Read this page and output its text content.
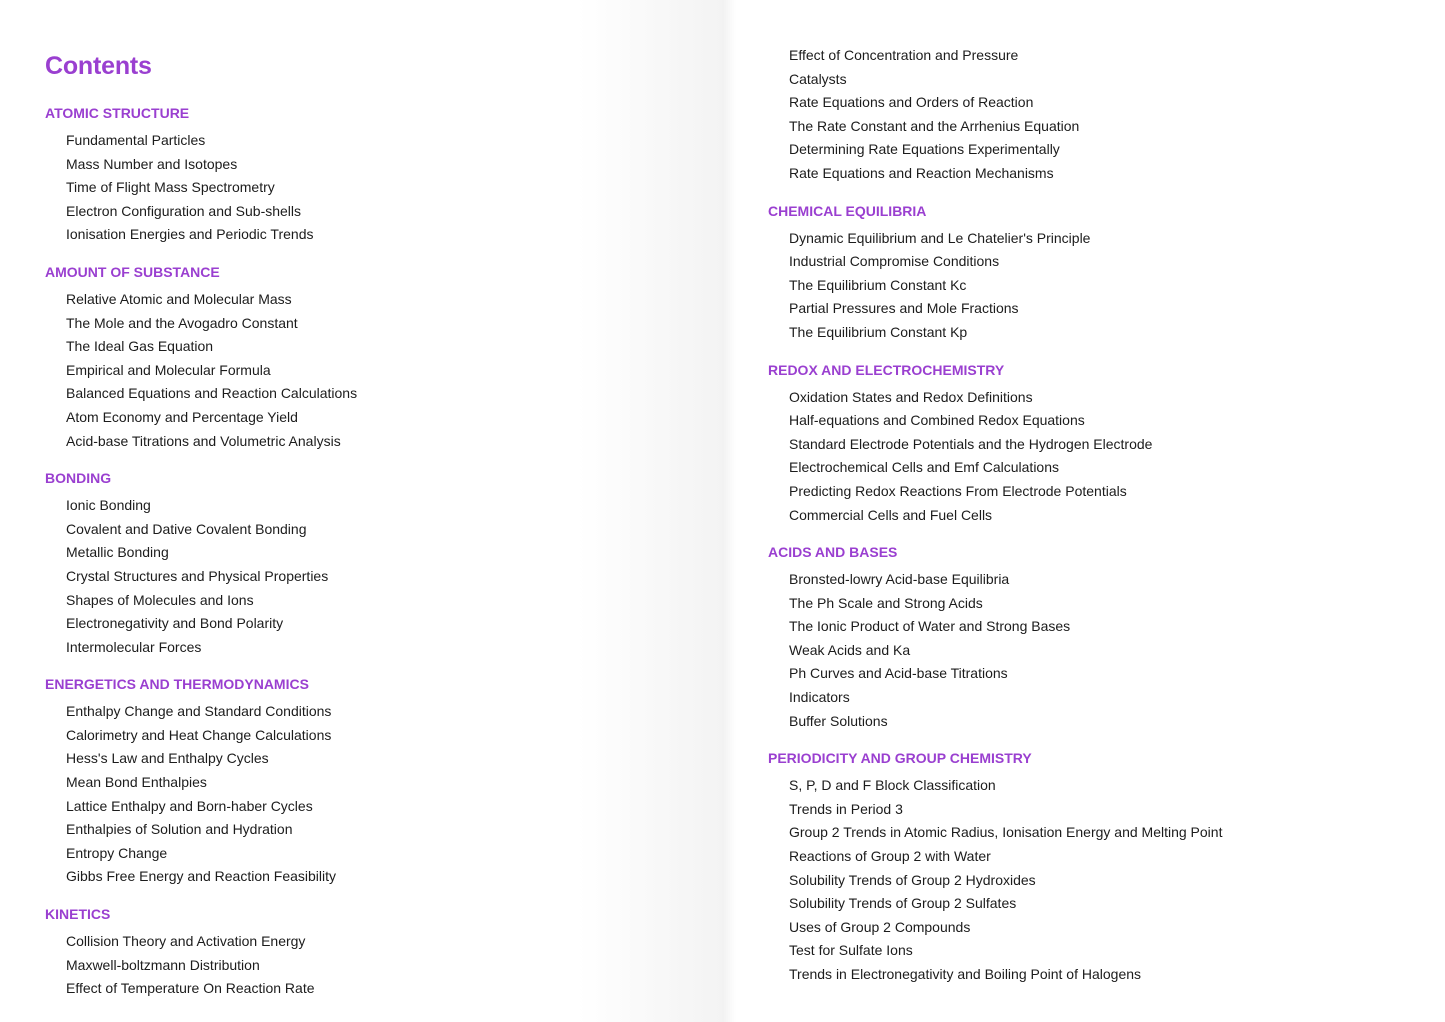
Contents
ATOMIC STRUCTURE
Fundamental Particles
Mass Number and Isotopes
Time of Flight Mass Spectrometry
Electron Configuration and Sub-shells
Ionisation Energies and Periodic Trends
AMOUNT OF SUBSTANCE
Relative Atomic and Molecular Mass
The Mole and the Avogadro Constant
The Ideal Gas Equation
Empirical and Molecular Formula
Balanced Equations and Reaction Calculations
Atom Economy and Percentage Yield
Acid-base Titrations and Volumetric Analysis
BONDING
Ionic Bonding
Covalent and Dative Covalent Bonding
Metallic Bonding
Crystal Structures and Physical Properties
Shapes of Molecules and Ions
Electronegativity and Bond Polarity
Intermolecular Forces
ENERGETICS AND THERMODYNAMICS
Enthalpy Change and Standard Conditions
Calorimetry and Heat Change Calculations
Hess's Law and Enthalpy Cycles
Mean Bond Enthalpies
Lattice Enthalpy and Born-haber Cycles
Enthalpies of Solution and Hydration
Entropy Change
Gibbs Free Energy and Reaction Feasibility
KINETICS
Collision Theory and Activation Energy
Maxwell-boltzmann Distribution
Effect of Temperature On Reaction Rate
Effect of Concentration and Pressure
Catalysts
Rate Equations and Orders of Reaction
The Rate Constant and the Arrhenius Equation
Determining Rate Equations Experimentally
Rate Equations and Reaction Mechanisms
CHEMICAL EQUILIBRIA
Dynamic Equilibrium and Le Chatelier's Principle
Industrial Compromise Conditions
The Equilibrium Constant Kc
Partial Pressures and Mole Fractions
The Equilibrium Constant Kp
REDOX AND ELECTROCHEMISTRY
Oxidation States and Redox Definitions
Half-equations and Combined Redox Equations
Standard Electrode Potentials and the Hydrogen Electrode
Electrochemical Cells and Emf Calculations
Predicting Redox Reactions From Electrode Potentials
Commercial Cells and Fuel Cells
ACIDS AND BASES
Bronsted-lowry Acid-base Equilibria
The Ph Scale and Strong Acids
The Ionic Product of Water and Strong Bases
Weak Acids and Ka
Ph Curves and Acid-base Titrations
Indicators
Buffer Solutions
PERIODICITY AND GROUP CHEMISTRY
S, P, D and F Block Classification
Trends in Period 3
Group 2 Trends in Atomic Radius, Ionisation Energy and Melting Point
Reactions of Group 2 with Water
Solubility Trends of Group 2 Hydroxides
Solubility Trends of Group 2 Sulfates
Uses of Group 2 Compounds
Test for Sulfate Ions
Trends in Electronegativity and Boiling Point of Halogens
